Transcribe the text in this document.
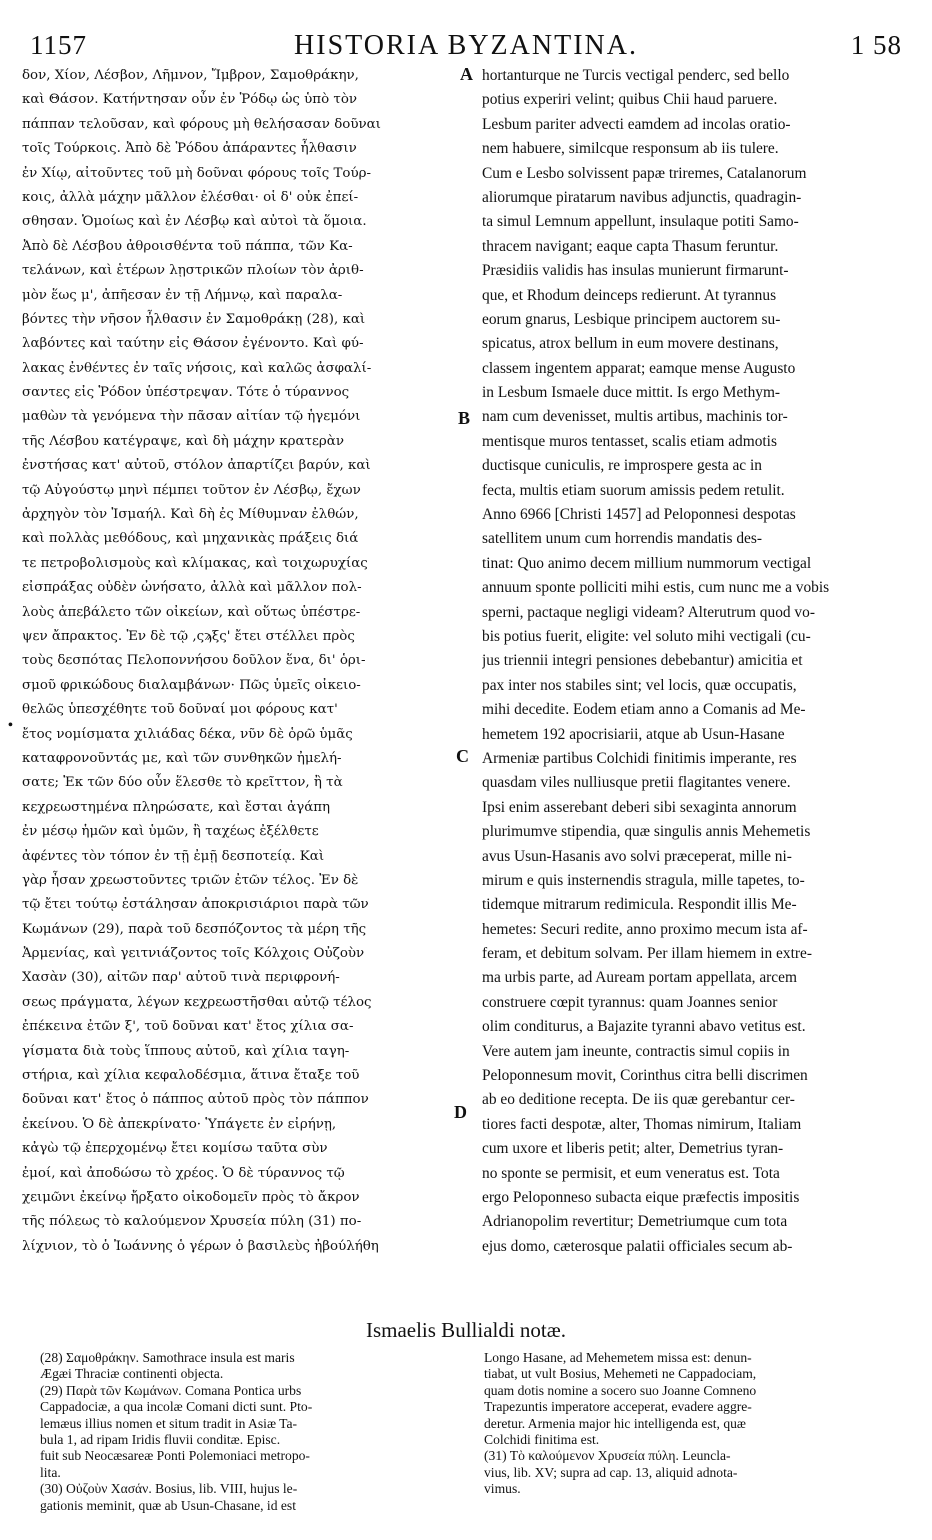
1157	HISTORIA BYZANTINA.	1 58
δον, Χίον, Λέσβον, Λῆμνον, Ἴμβρον, Σαμοθράκην,
καὶ Θάσον. Κατήντησαν οὖν ἐν Ῥόδῳ ὡς ὑπὸ τὸν
πάππαν τελοῦσαν, καὶ φόρους μὴ θελήσασαν δοῦναι
τοῖς Τούρκοις. Ἀπὸ δὲ Ῥόδου ἀπάραντες ἦλθασιν
ἐν Χίῳ, αἰτοῦντες τοῦ μὴ δοῦναι φόρους τοῖς Τούρ-
κοις, ἀλλὰ μάχην μᾶλλον ἐλέσθαι· οἱ δ' οὐκ ἐπεί-
σθησαν. Ὁμοίως καὶ ἐν Λέσβῳ καὶ αὐτοὶ τὰ ὅμοια.
Ἀπὸ δὲ Λέσβου ἀθροισθέντα τοῦ πάππα, τῶν Κα-
τελάνων, καὶ ἑτέρων λῃστρικῶν πλοίων τὸν ἀριθ-
μὸν ἕως μ', ἀπῆεσαν ἐν τῇ Λήμνῳ, καὶ παραλα-
βόντες τὴν νῆσον ἦλθασιν ἐν Σαμοθράκῃ (28), καὶ
λαβόντες καὶ ταύτην εἰς Θάσον ἐγένοντο. Καὶ φύ-
λακας ἐνθέντες ἐν ταῖς νήσοις, καὶ καλῶς ἀσφαλί-
σαντες εἰς Ῥόδον ὑπέστρεψαν. Τότε ὁ τύραννος
μαθὼν τὰ γενόμενα τὴν πᾶσαν αἰτίαν τῷ ἡγεμόνι
τῆς Λέσβου κατέγραψε, καὶ δὴ μάχην κρατερὰν
ἐνστήσας κατ' αὐτοῦ, στόλον ἀπαρτίζει βαρύν, καὶ
τῷ Αὐγούστῳ μηνὶ πέμπει τοῦτον ἐν Λέσβῳ, ἔχων
ἀρχηγὸν τὸν Ἰσμαήλ. Καὶ δὴ ἐς Μίθυμναν ἐλθών,
καὶ πολλὰς μεθόδους, καὶ μηχανικὰς πράξεις διά
τε πετροβολισμοὺς καὶ κλίμακας, καὶ τοιχωρυχίας
εἰσπράξας οὐδὲν ὠνήσατο, ἀλλὰ καὶ μᾶλλον πολ-
λοὺς ἀπεβάλετο τῶν οἰκείων, καὶ οὕτως ὑπέστρε-
ψεν ἄπρακτος. Ἐν δὲ τῷ ,ςϡξς' ἔτει στέλλει πρὸς
τοὺς δεσπότας Πελοποννήσου δοῦλον ἕνα, δι' ὁρι-
σμοῦ φρικώδους διαλαμβάνων· Πῶς ὑμεῖς οἰκειο-
θελῶς ὑπεσχέθητε τοῦ δοῦναί μοι φόρους κατ'
ἔτος νομίσματα χιλιάδας δέκα, νῦν δὲ ὁρῶ ὑμᾶς
καταφρονοῦντάς με, καὶ τῶν συνθηκῶν ἠμελή-
σατε; Ἐκ τῶν δύο οὖν ἕλεσθε τὸ κρεῖττον, ἢ τὰ
κεχρεωστημένα πληρώσατε, καὶ ἔσται ἀγάπη
ἐν μέσῳ ἡμῶν καὶ ὑμῶν, ἢ ταχέως ἐξέλθετε
ἀφέντες τὸν τόπον ἐν τῇ ἐμῇ δεσποτείᾳ. Καὶ
γὰρ ἦσαν χρεωστοῦντες τριῶν ἐτῶν τέλος. Ἐν δὲ
τῷ ἔτει τούτῳ ἐστάλησαν ἀποκρισιάριοι παρὰ τῶν
Κωμάνων (29), παρὰ τοῦ δεσπόζοντος τὰ μέρη τῆς
Ἀρμενίας, καὶ γειτνιάζοντος τοῖς Κόλχοις Οὐζοὺν
Χασὰν (30), αἰτῶν παρ' αὐτοῦ τινὰ περιφρονή-
σεως πράγματα, λέγων κεχρεωστῆσθαι αὐτῷ τέλος
ἐπέκεινα ἐτῶν ξ', τοῦ δοῦναι κατ' ἔτος χίλια σα-
γίσματα διὰ τοὺς ἵππους αὐτοῦ, καὶ χίλια ταγη-
στήρια, καὶ χίλια κεφαλοδέσμια, ἅτινα ἔταξε τοῦ
δοῦναι κατ' ἔτος ὁ πάππος αὐτοῦ πρὸς τὸν πάππον
ἐκείνου. Ὁ δὲ ἀπεκρίνατο· Ὑπάγετε ἐν εἰρήνῃ,
κἀγὼ τῷ ἐπερχομένῳ ἔτει κομίσω ταῦτα σὺν
ἐμοί, καὶ ἀποδώσω τὸ χρέος. Ὁ δὲ τύραννος τῷ
χειμῶνι ἐκείνῳ ἤρξατο οἰκοδομεῖν πρὸς τὸ ἄκρον
τῆς πόλεως τὸ καλούμενον Χρυσεία πύλη (31) πο-
λίχνιον, τὸ ὁ Ἰωάννης ὁ γέρων ὁ βασιλεὺς ἠβούλήθη
hortanturque ne Turcis vectigal penderc, sed bello
potius experiri velint; quibus Chii haud paruere.
Lesbum pariter advecti eamdem ad incolas oratio-
nem habuere, similcque responsum ab iis tulere.
Cum e Lesbo solvissent papæ triremes, Catalanorum
aliorumque piratarum navibus adjunctis, quadragin-
ta simul Lemnum appellunt, insulaque potiti Samo-
thracem navigant; eaque capta Thasum feruntur.
Præsidiis validis has insulas munierunt firmarunt-
que, et Rhodum deinceps redierunt. At tyrannus
eorum gnarus, Lesbique principem auctorem su-
spicatus, atrox bellum in eum movere destinans,
classem ingentem apparat; eamque mense Augusto
in Lesbum Ismaele duce mittit. Is ergo Methym-
nam cum devenisset, multis artibus, machinis tor-
mentisque muros tentasset, scalis etiam admotis
ductisque cuniculis, re improspere gesta ac in
fecta, multis etiam suorum amissis pedem retulit.
Anno 6966 [Christi 1457] ad Peloponnesi despotas
satellitem unum cum horrendis mandatis des-
tinat: Quo animo decem millium nummorum vectigal
annuum sponte polliciti mihi estis, cum nunc me a vobis
sperni, pactaque negligi videam? Alterutrum quod vo-
bis potius fuerit, eligite: vel soluto mihi vectigali (cu-
jus triennii integri pensiones debebantur) amicitia et
pax inter nos stabiles sint; vel locis, quæ occupatis,
mihi decedite. Eodem etiam anno a Comanis ad Me-
hemetem 192 apocrisiarii, atque ab Usun-Hasane
Armeniæ partibus Colchidi finitimis imperante, res
quasdam viles nulliusque pretii flagitantes venere.
Ipsi enim asserebant deberi sibi sexaginta annorum
plurimumve stipendia, quæ singulis annis Mehemetis
avus Usun-Hasanis avo solvi præceperat, mille ni-
mirum e quis insternendis stragula, mille tapetes, to-
tidemque mitrarum redimicula. Respondit illis Me-
hemetes: Securi redite, anno proximo mecum ista af-
feram, et debitum solvam. Per illam hiemem in extre-
ma urbis parte, ad Auream portam appellata, arcem
construere cœpit tyrannus: quam Joannes senior
olim conditurus, a Bajazite tyranni abavo vetitus est.
Vere autem jam ineunte, contractis simul copiis in
Peloponnesum movit, Corinthus citra belli discrimen
ab eo deditione recepta. De iis quæ gerebantur cer-
tiores facti despotæ, alter, Thomas nimirum, Italiam
cum uxore et liberis petit; alter, Demetrius tyran-
no sponte se permisit, et eum veneratus est. Tota
ergo Peloponneso subacta eique præfectis impositis
Adrianopolim revertitur; Demetriumque cum tota
ejus domo, cæterosque palatii officiales secum ab-
A
B
C
D
•
Ismaelis Bullialdi notæ.
(28) Σαμοθράκην. Samothrace insula est maris
Ægæi Thraciæ continenti objecta.
(29) Παρὰ τῶν Κωμάνων. Comana Pontica urbs
Cappadociæ, a qua incolæ Comani dicti sunt. Pto-
lemæus illius nomen et situm tradit in Asiæ Ta-
bula 1, ad ripam Iridis fluvii conditæ. Episc.
fuit sub Neocæsareæ Ponti Polemoniaci metropo-
lita.
(30) Οὐζοὺν Χασάν. Bosius, lib. VIII, hujus le-
gationis meminit, quæ ab Usun-Chasane, id est
Longo Hasane, ad Mehemetem missa est: denun-
tiabat, ut vult Bosius, Mehemeti ne Cappadociam,
quam dotis nomine a socero suo Joanne Comneno
Trapezuntis imperatore acceperat, evadere aggre-
deretur. Armenia major hic intelligenda est, quæ
Colchidi finitima est.
(31) Τὸ καλούμενον Χρυσεία πύλη. Leuncla-
vius, lib. XV; supra ad cap. 13, aliquid adnota-
vimus.
